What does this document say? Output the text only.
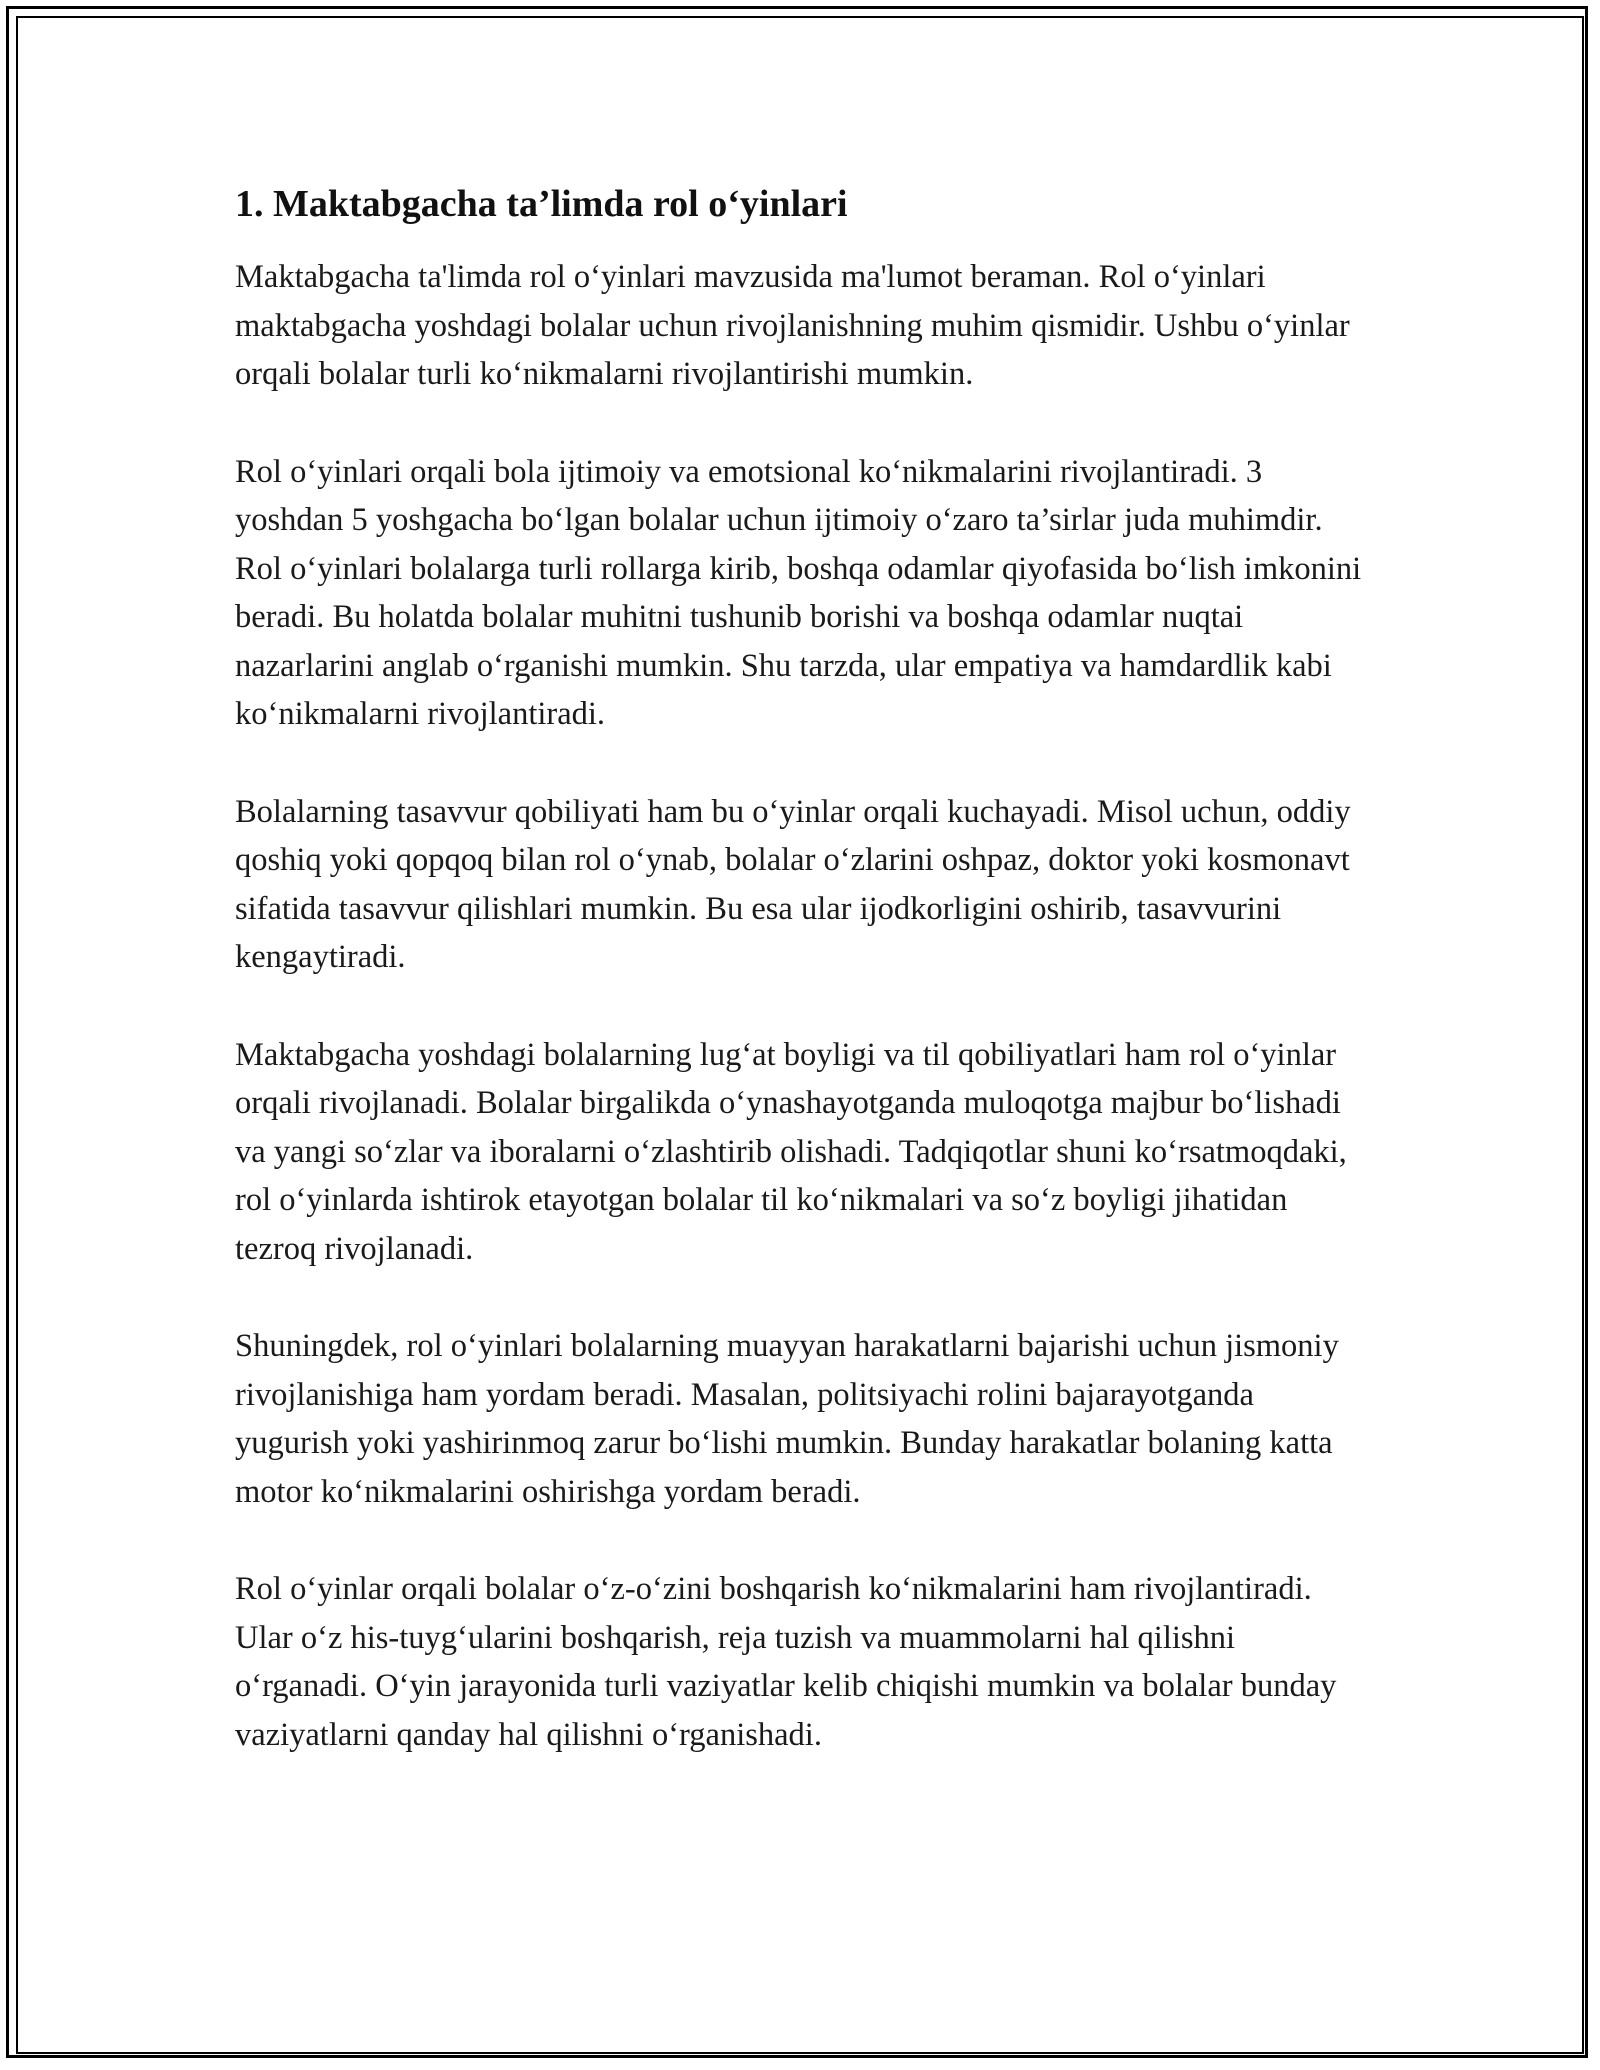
1. Maktabgacha ta’limda rol o‘yinlari

Maktabgacha ta'limda rol o‘yinlari mavzusida ma'lumot beraman. Rol o‘yinlari maktabgacha yoshdagi bolalar uchun rivojlanishning muhim qismidir. Ushbu o‘yinlar orqali bolalar turli ko‘nikmalarni rivojlantirishi mumkin.

Rol o‘yinlari orqali bola ijtimoiy va emotsional ko‘nikmalarini rivojlantiradi. 3 yoshdan 5 yoshgacha bo‘lgan bolalar uchun ijtimoiy o‘zaro ta’sirlar juda muhimdir. Rol o‘yinlari bolalarga turli rollarga kirib, boshqa odamlar qiyofasida bo‘lish imkonini beradi. Bu holatda bolalar muhitni tushunib borishi va boshqa odamlar nuqtai nazarlarini anglab o‘rganishi mumkin. Shu tarzda, ular empatiya va hamdardlik kabi ko‘nikmalarni rivojlantiradi.

Bolalarning tasavvur qobiliyati ham bu o‘yinlar orqali kuchayadi. Misol uchun, oddiy qoshiq yoki qopqoq bilan rol o‘ynab, bolalar o‘zlarini oshpaz, doktor yoki kosmonavt sifatida tasavvur qilishlari mumkin. Bu esa ular ijodkorligini oshirib, tasavvurini kengaytiradi.

Maktabgacha yoshdagi bolalarning lug‘at boyligi va til qobiliyatlari ham rol o‘yinlar orqali rivojlanadi. Bolalar birgalikda o‘ynashayotganda muloqotga majbur bo‘lishadi va yangi so‘zlar va iboralarni o‘zlashtirib olishadi. Tadqiqotlar shuni ko‘rsatmoqdaki, rol o‘yinlarda ishtirok etayotgan bolalar til ko‘nikmalari va so‘z boyligi jihatidan tezroq rivojlanadi.

Shuningdek, rol o‘yinlari bolalarning muayyan harakatlarni bajarishi uchun jismoniy rivojlanishiga ham yordam beradi. Masalan, politsiyachi rolini bajarayotganda yugurish yoki yashirinmoq zarur bo‘lishi mumkin. Bunday harakatlar bolaning katta motor ko‘nikmalarini oshirishga yordam beradi.

Rol o‘yinlar orqali bolalar o‘z-o‘zini boshqarish ko‘nikmalarini ham rivojlantiradi. Ular o‘z his-tuyg‘ularini boshqarish, reja tuzish va muammolarni hal qilishni o‘rganadi. O‘yin jarayonida turli vaziyatlar kelib chiqishi mumkin va bolalar bunday vaziyatlarni qanday hal qilishni o‘rganishadi.
